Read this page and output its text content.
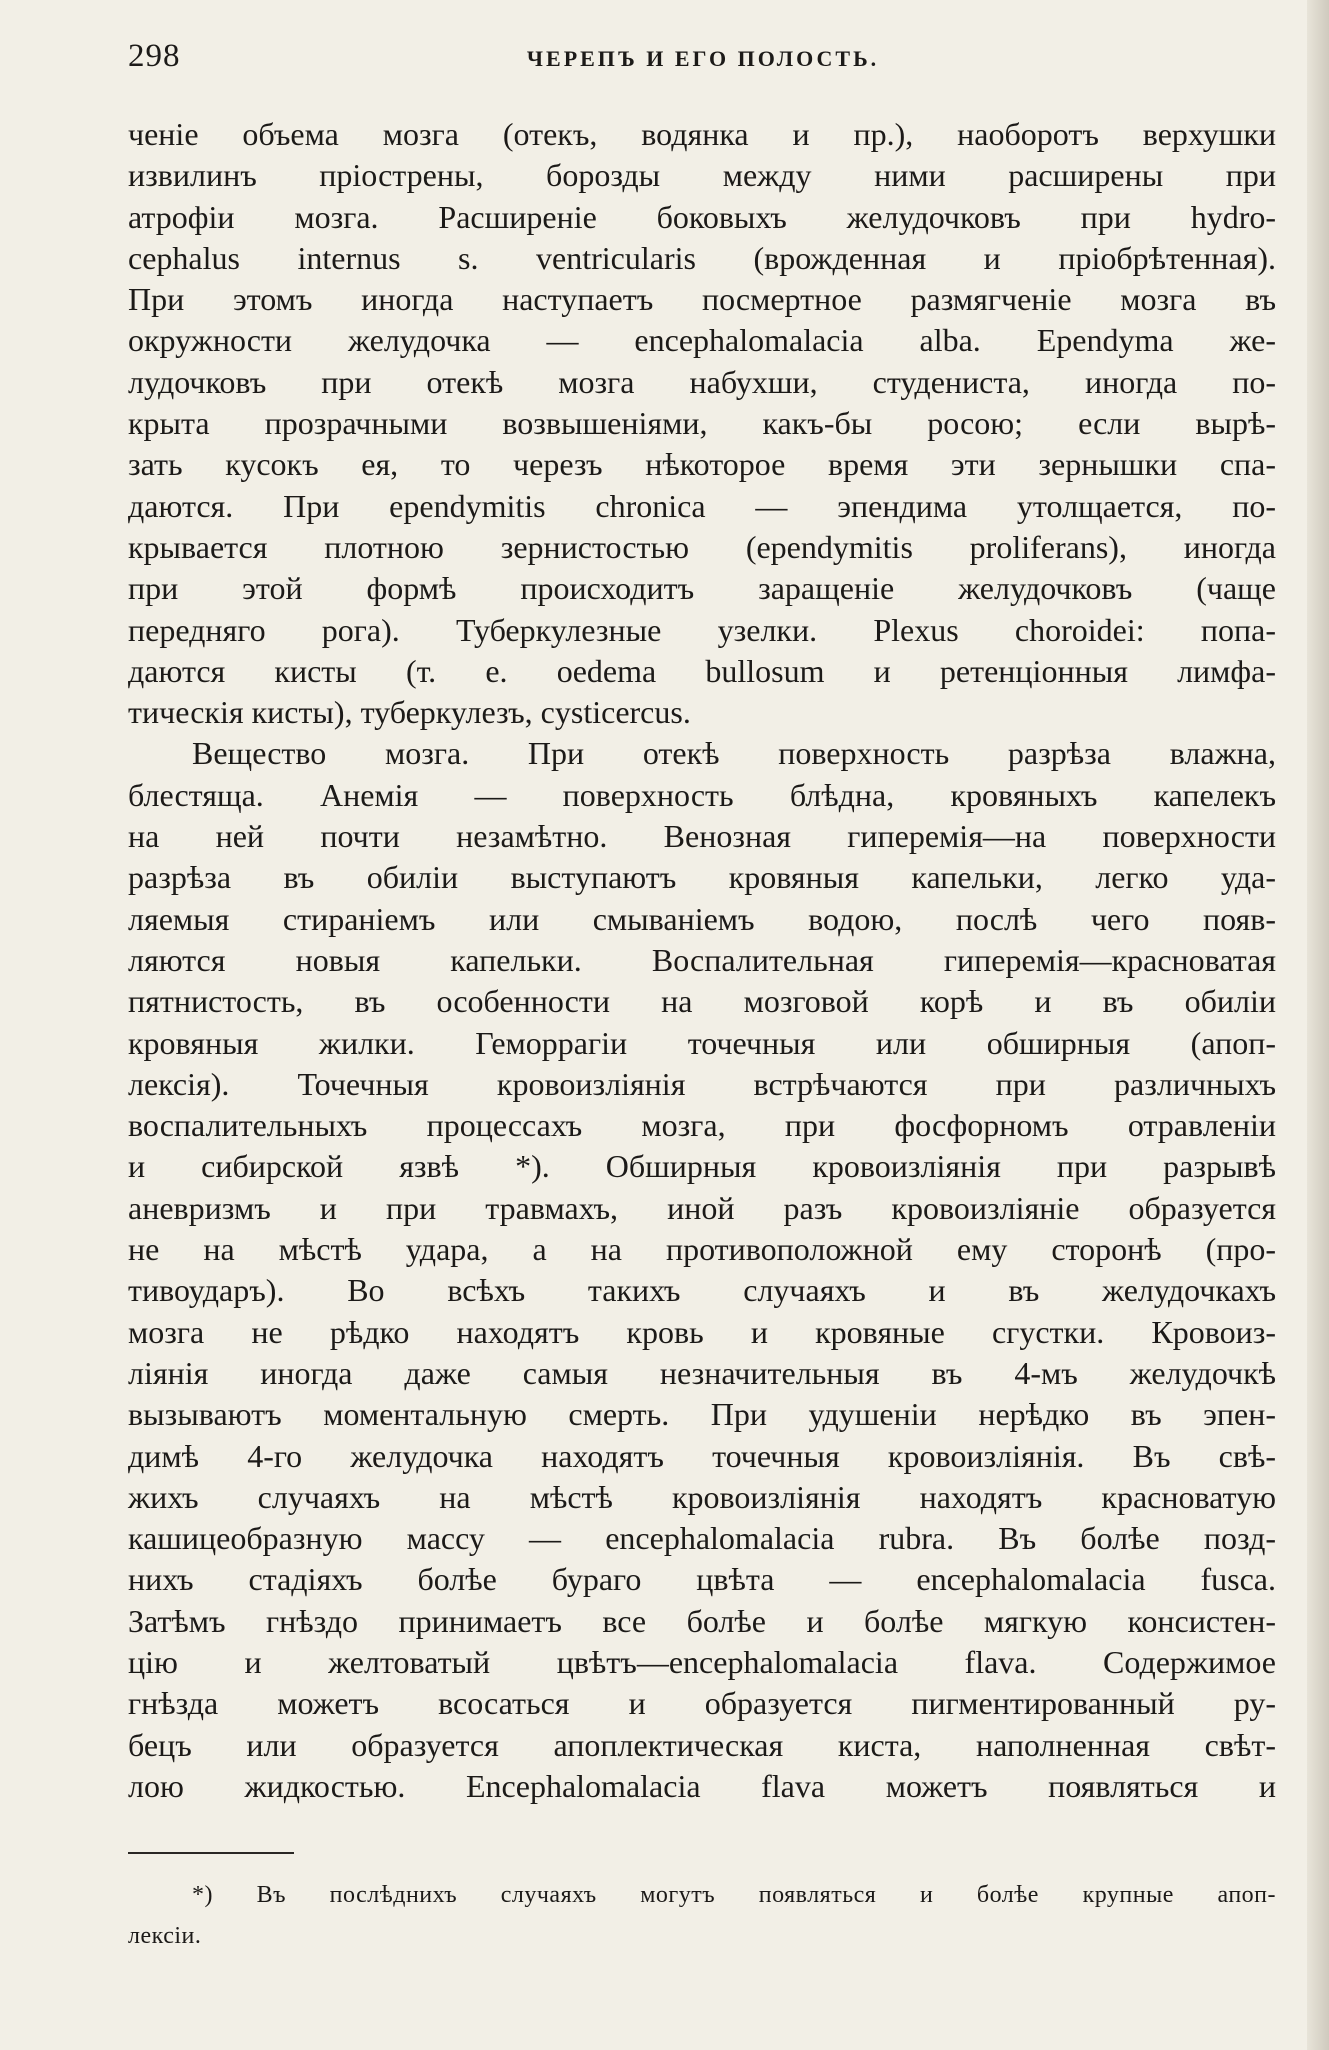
298	ЧЕРЕПЪ И ЕГО ПОЛОСТЬ.
ченіе объема мозга (отекъ, водянка и пр.), наоборотъ верхушки
извилинъ пріострены, борозды между ними расширены при
атрофіи мозга. Расширеніе боковыхъ желудочковъ при hydro-
cephalus internus s. ventricularis (врожденная и пріобрѣтенная).
При этомъ иногда наступаетъ посмертное размягченіе мозга въ
окружности желудочка — encephalomalacia alba. Ependyma же-
лудочковъ при отекѣ мозга набухши, студениста, иногда по-
крыта прозрачными возвышеніями, какъ-бы росою; если вырѣ-
зать кусокъ ея, то черезъ нѣкоторое время эти зернышки спа-
даются. При ependymitis chronica — эпендима утолщается, по-
крывается плотною зернистостью (ependymitis proliferans), иногда
при этой формѣ происходитъ заращеніе желудочковъ (чаще
передняго рога). Туберкулезные узелки. Plexus choroidei: попа-
даются кисты (т. е. oedema bullosum и ретенціонныя лимфа-
тическія кисты), туберкулезъ, cysticercus.
Вещество мозга. При отекѣ поверхность разрѣза влажна,
блестяща. Анемія — поверхность блѣдна, кровяныхъ капелекъ
на ней почти незамѣтно. Венозная гиперемія—на поверхности
разрѣза въ обиліи выступаютъ кровяныя капельки, легко уда-
ляемыя стираніемъ или смываніемъ водою, послѣ чего появ-
ляются новыя капельки. Воспалительная гиперемія—красноватая
пятнистость, въ особенности на мозговой корѣ и въ обиліи
кровяныя жилки. Геморрагіи точечныя или обширныя (апоп-
лексія). Точечныя кровоизліянія встрѣчаются при различныхъ
воспалительныхъ процессахъ мозга, при фосфорномъ отравленіи
и сибирской язвѣ *). Обширныя кровоизліянія при разрывѣ
аневризмъ и при травмахъ, иной разъ кровоизліяніе образуется
не на мѣстѣ удара, а на противоположной ему сторонѣ (про-
тивоударъ). Во всѣхъ такихъ случаяхъ и въ желудочкахъ
мозга не рѣдко находятъ кровь и кровяные сгустки. Кровоиз-
ліянія иногда даже самыя незначительныя въ 4-мъ желудочкѣ
вызываютъ моментальную смерть. При удушеніи нерѣдко въ эпен-
димѣ 4-го желудочка находятъ точечныя кровоизліянія. Въ свѣ-
жихъ случаяхъ на мѣстѣ кровоизліянія находятъ красноватую
кашицеобразную массу — encephalomalacia rubra. Въ болѣе позд-
нихъ стадіяхъ болѣе бураго цвѣта — encephalomalacia fusca.
Затѣмъ гнѣздо принимаетъ все болѣе и болѣе мягкую консистен-
цію и желтоватый цвѣтъ—encephalomalacia flava. Содержимое
гнѣзда можетъ всосаться и образуется пигментированный ру-
бецъ или образуется апоплектическая киста, наполненная свѣт-
лою жидкостью. Encephalomalacia flava можетъ появляться и
*) Въ послѣднихъ случаяхъ могутъ появляться и болѣе крупные апоп-
лексіи.
